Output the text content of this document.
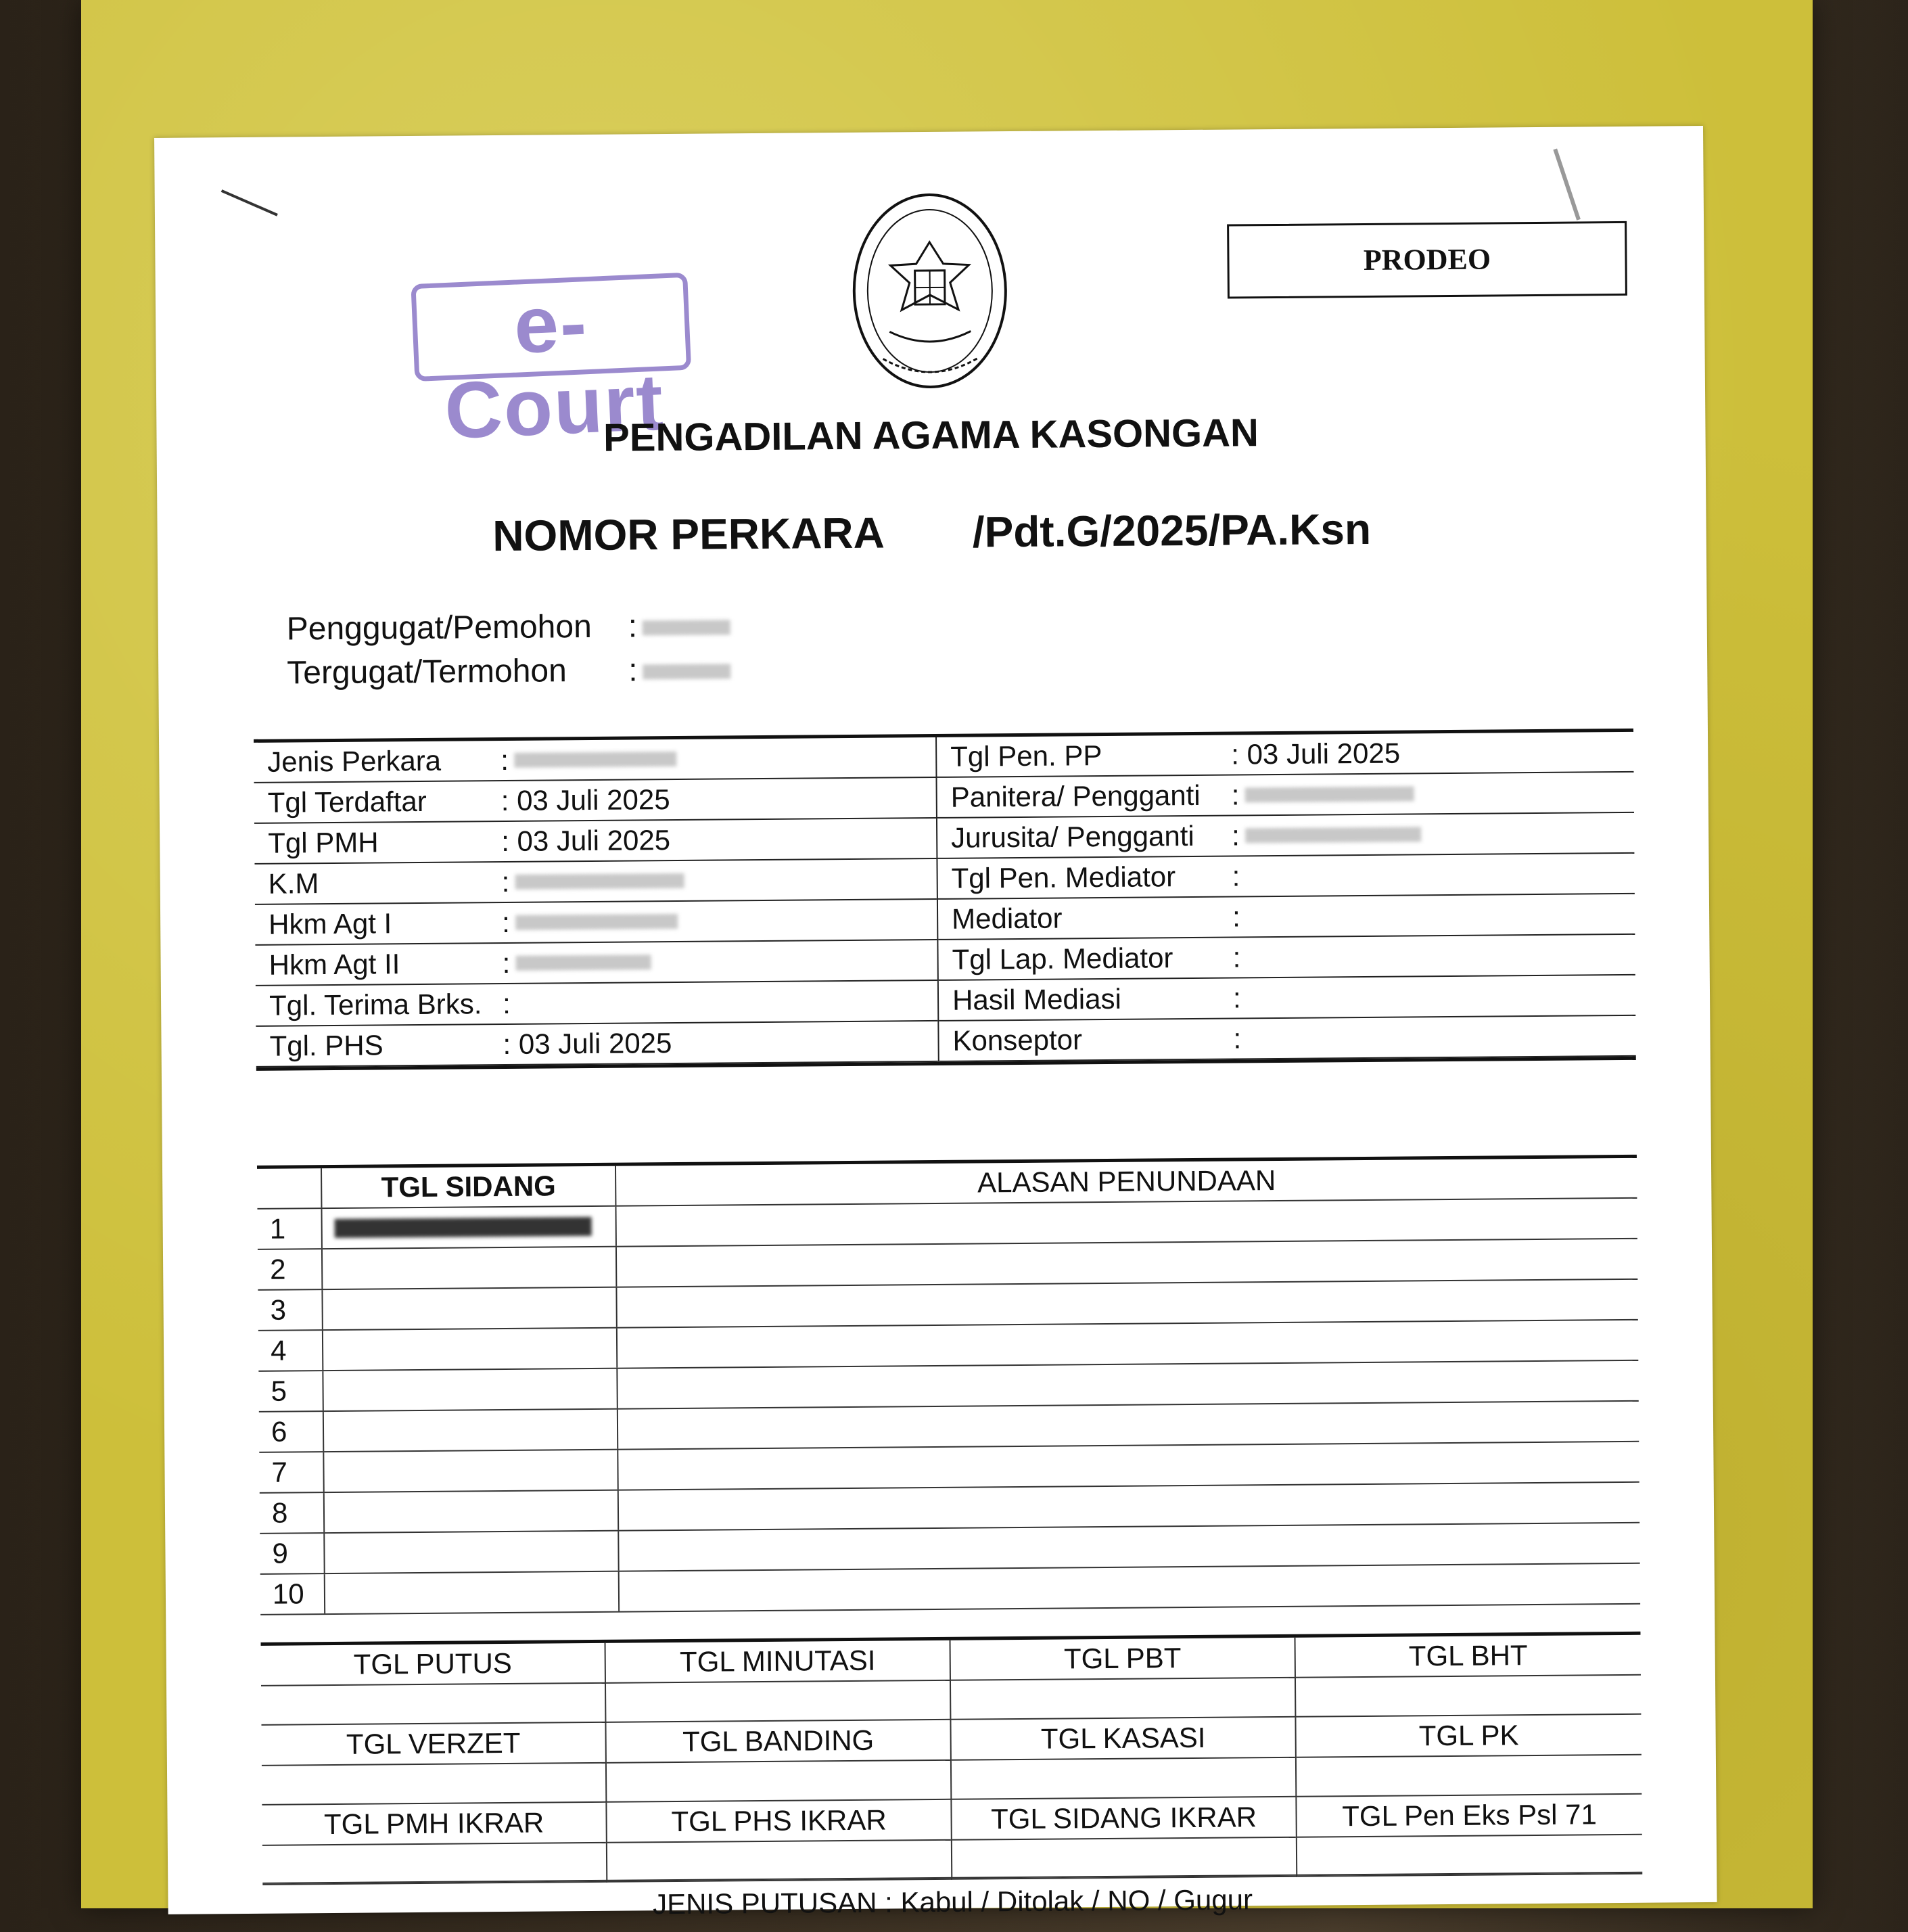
e-Court
PRODEO
PENGADILAN AGAMA KASONGAN
NOMOR PERKARA /Pdt.G/2025/PA.Ksn
Penggugat/Pemohon :
Tergugat/Termohon :
Jenis Perkara	:
Tgl Terdaftar	: 03 Juli 2025
Tgl PMH	: 03 Juli 2025
K.M	:
Hkm Agt I	:
Hkm Agt II	:
Tgl. Terima Brks. :
Tgl. PHS	: 03 Juli 2025
Tgl Pen. PP	: 03 Juli 2025
Panitera/ Pengganti	:
Jurusita/ Pengganti	:
Tgl Pen. Mediator	:
Mediator	:
Tgl Lap. Mediator	:
Hasil Mediasi	:
Konseptor	:
TGL SIDANG	ALASAN PENUNDAAN
1
2
3
4
5
6
7
8
9
10
TGL PUTUS	TGL MINUTASI	TGL PBT	TGL BHT
TGL VERZET	TGL BANDING	TGL KASASI	TGL PK
TGL PMH IKRAR	TGL PHS IKRAR	TGL SIDANG IKRAR	TGL Pen Eks Psl 71
JENIS PUTUSAN : Kabul / Ditolak / NO / Gugur
